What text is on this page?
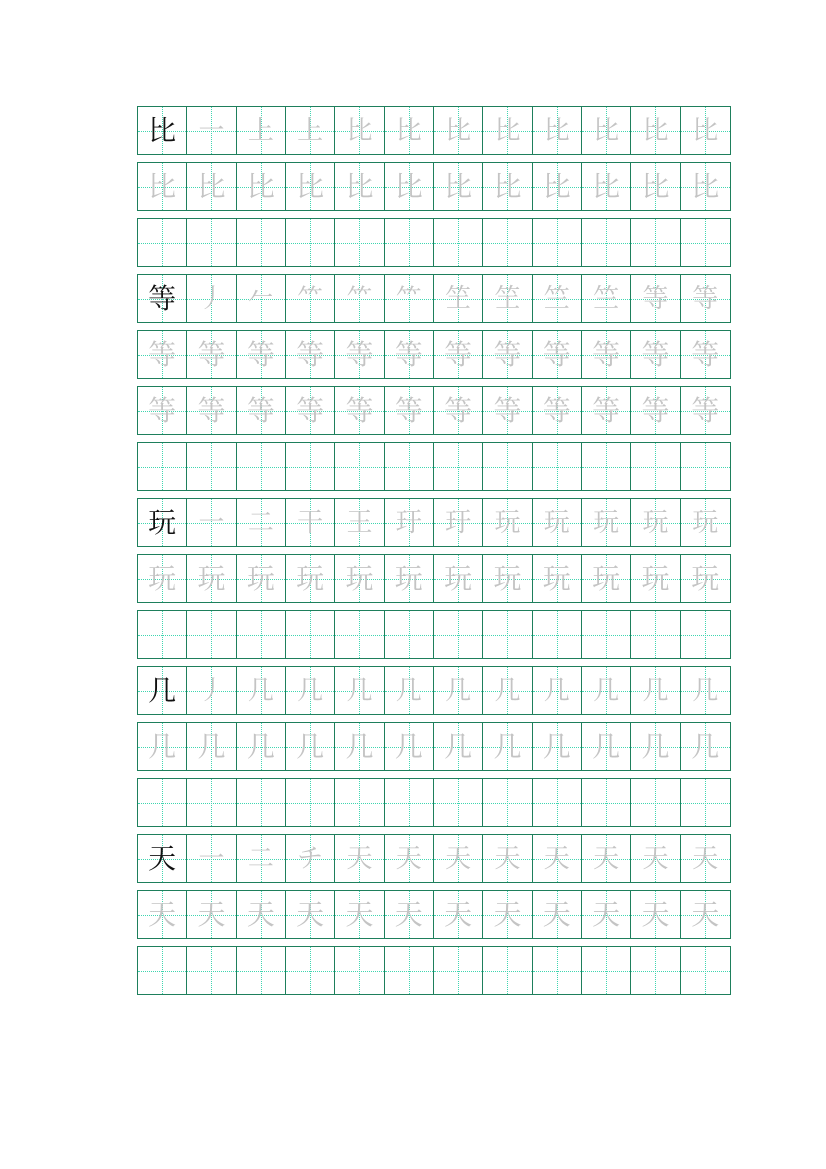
比 一 上 上 比 比 比 比 比 比 比 比
比 比 比 比 比 比 比 比 比 比 比 比
等 丿 𠂉 ⺮ ⺮ ⺮ 笁 笁 竺 竺 等 等
等 等 等 等 等 等 等 等 等 等 等 等
等 等 等 等 等 等 等 等 等 等 等 等
玩 一 二 干 王 玗 玗 玩 玩 玩 玩 玩
玩 玩 玩 玩 玩 玩 玩 玩 玩 玩 玩 玩
几 丿 几 几 几 几 几 几 几 几 几 几
几 几 几 几 几 几 几 几 几 几 几 几
天 一 二 チ 天 天 天 天 天 天 天 天
天 天 天 天 天 天 天 天 天 天 天 天
